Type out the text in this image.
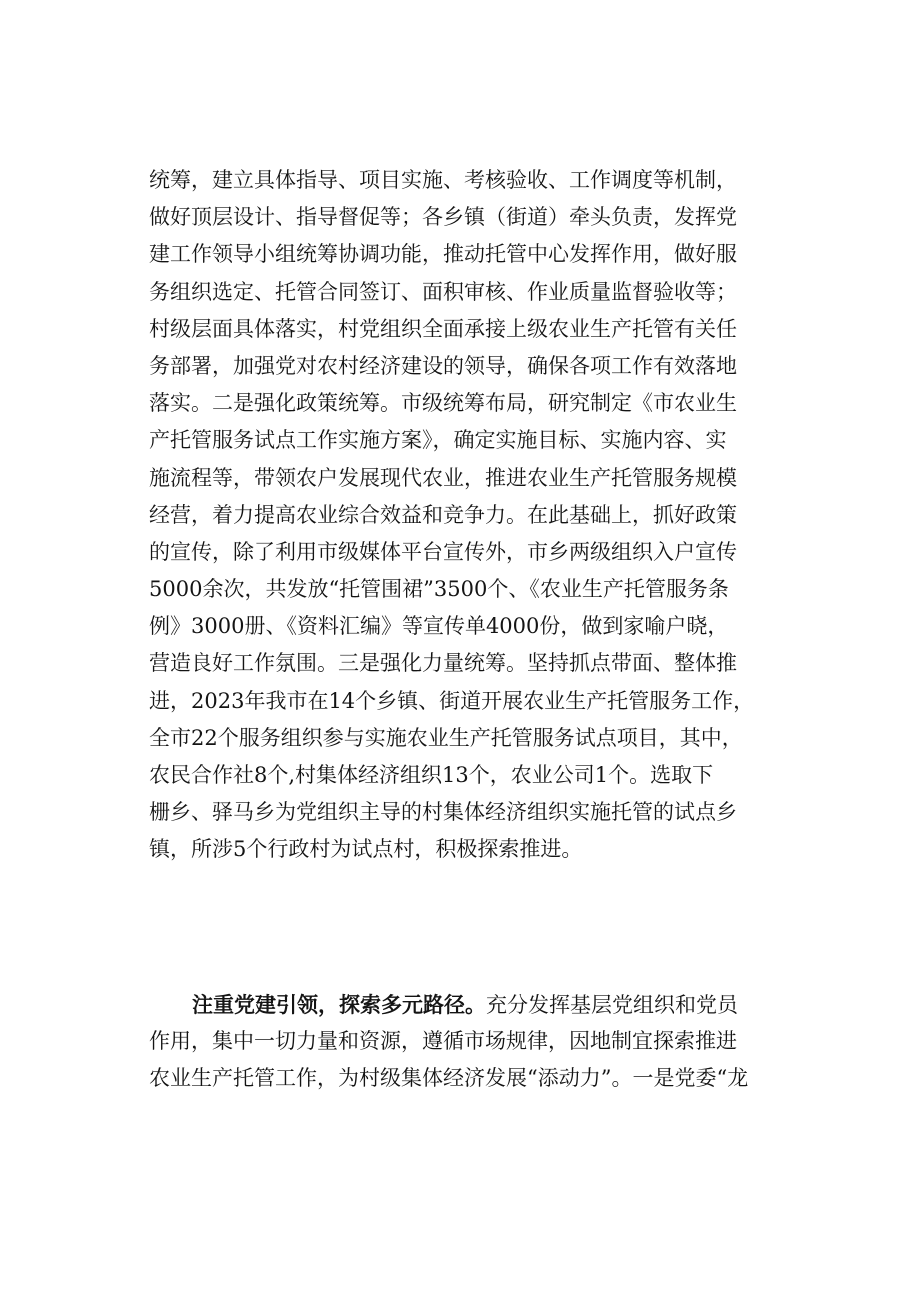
统筹，建立具体指导、项目实施、考核验收、工作调度等机制，
做好顶层设计、指导督促等；各乡镇（街道）牵头负责，发挥党
建工作领导小组统筹协调功能，推动托管中心发挥作用，做好服
务组织选定、托管合同签订、面积审核、作业质量监督验收等；
村级层面具体落实，村党组织全面承接上级农业生产托管有关任
务部署，加强党对农村经济建设的领导，确保各项工作有效落地
落实。二是强化政策统筹。市级统筹布局，研究制定《市农业生
产托管服务试点工作实施方案》，确定实施目标、实施内容、实
施流程等，带领农户发展现代农业，推进农业生产托管服务规模
经营，着力提高农业综合效益和竞争力。在此基础上，抓好政策
的宣传，除了利用市级媒体平台宣传外，市乡两级组织入户宣传
5000余次，共发放“托管围裙”3500个、《农业生产托管服务条
例》3000册、《资料汇编》等宣传单4000份，做到家喻户晓，
营造良好工作氛围。三是强化力量统筹。坚持抓点带面、整体推
进，2023年我市在14个乡镇、街道开展农业生产托管服务工作，
全市22个服务组织参与实施农业生产托管服务试点项目，其中，
农民合作社8个,村集体经济组织13个，农业公司1个。选取下
栅乡、驿马乡为党组织主导的村集体经济组织实施托管的试点乡
镇，所涉5个行政村为试点村，积极探索推进。
注重党建引领，探索多元路径。充分发挥基层党组织和党员
作用，集中一切力量和资源，遵循市场规律，因地制宜探索推进
农业生产托管工作，为村级集体经济发展“添动力”。一是党委“龙
